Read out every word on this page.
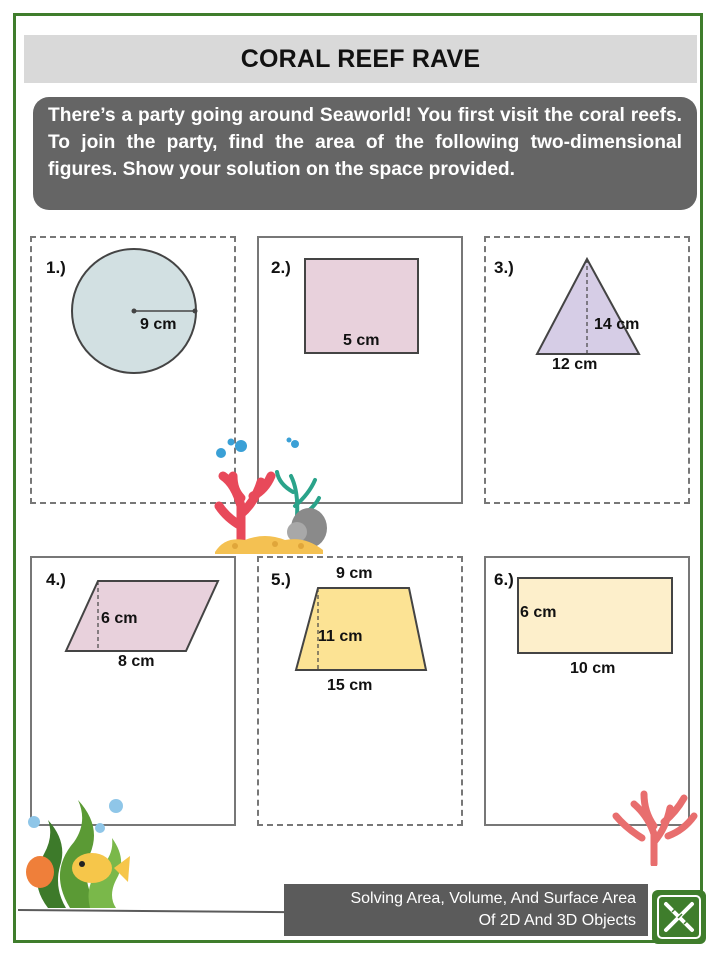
CORAL REEF RAVE
There’s a party going around Seaworld! You first visit the coral reefs. To join the party, find the area of the following two-dimensional figures. Show your solution on the space provided.
1.)
9 cm
2.)
5 cm
3.)
14 cm
12 cm
4.)
6 cm
8 cm
5.)	9 cm
11 cm
15 cm
6.)
6 cm
10 cm
Solving Area, Volume, And Surface Area
Of 2D And 3D Objects
